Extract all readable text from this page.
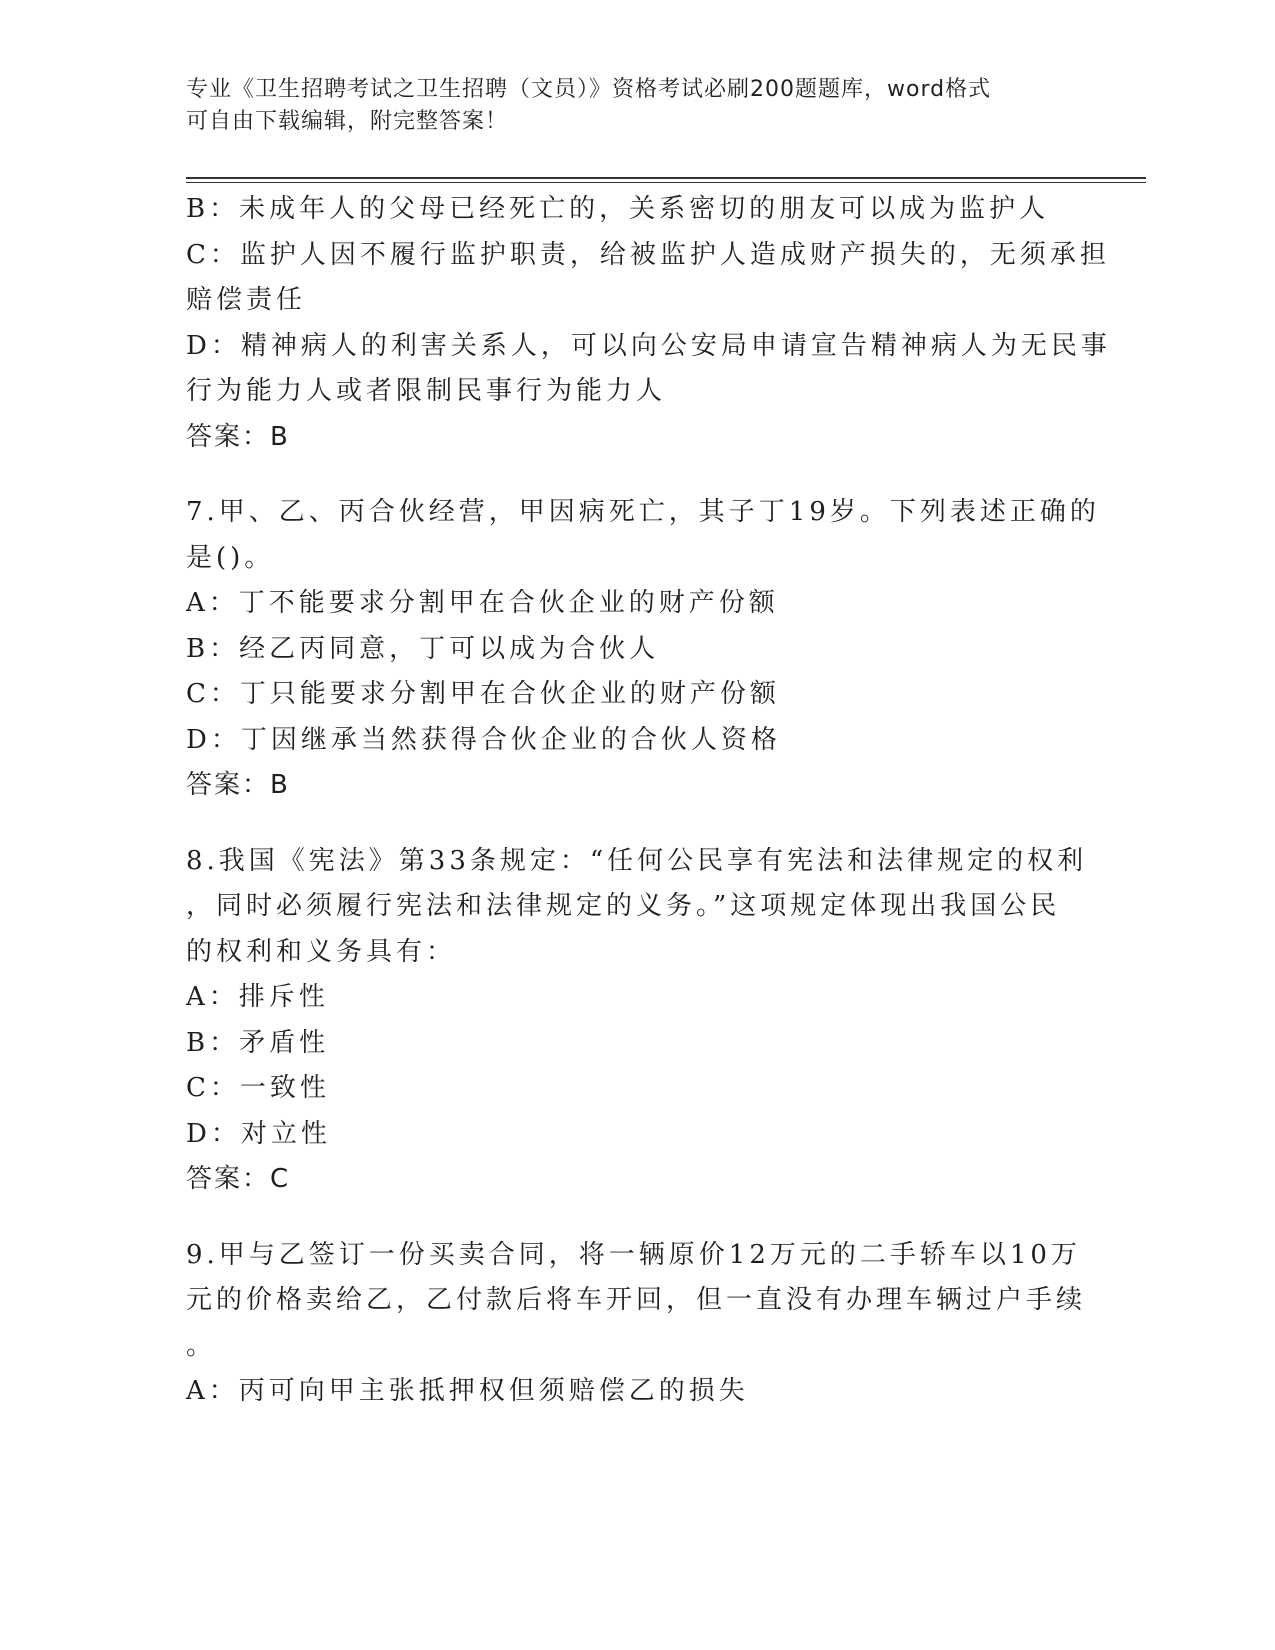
专业《卫生招聘考试之卫生招聘（文员）》资格考试必刷200题题库，word格式
可自由下载编辑，附完整答案！
B：未成年人的父母已经死亡的，关系密切的朋友可以成为监护人
C：监护人因不履行监护职责，给被监护人造成财产损失的，无须承担
赔偿责任
D：精神病人的利害关系人，可以向公安局申请宣告精神病人为无民事
行为能力人或者限制民事行为能力人
答案：B
7.甲、乙、丙合伙经营，甲因病死亡，其子丁19岁。下列表述正确的
是()。
A：丁不能要求分割甲在合伙企业的财产份额
B：经乙丙同意，丁可以成为合伙人
C：丁只能要求分割甲在合伙企业的财产份额
D：丁因继承当然获得合伙企业的合伙人资格
答案：B
8.我国《宪法》第33条规定：“任何公民享有宪法和法律规定的权利
，同时必须履行宪法和法律规定的义务。”这项规定体现出我国公民
的权利和义务具有：
A：排斥性
B：矛盾性
C：一致性
D：对立性
答案：C
9.甲与乙签订一份买卖合同，将一辆原价12万元的二手轿车以10万
元的价格卖给乙，乙付款后将车开回，但一直没有办理车辆过户手续
。
A：丙可向甲主张抵押权但须赔偿乙的损失
